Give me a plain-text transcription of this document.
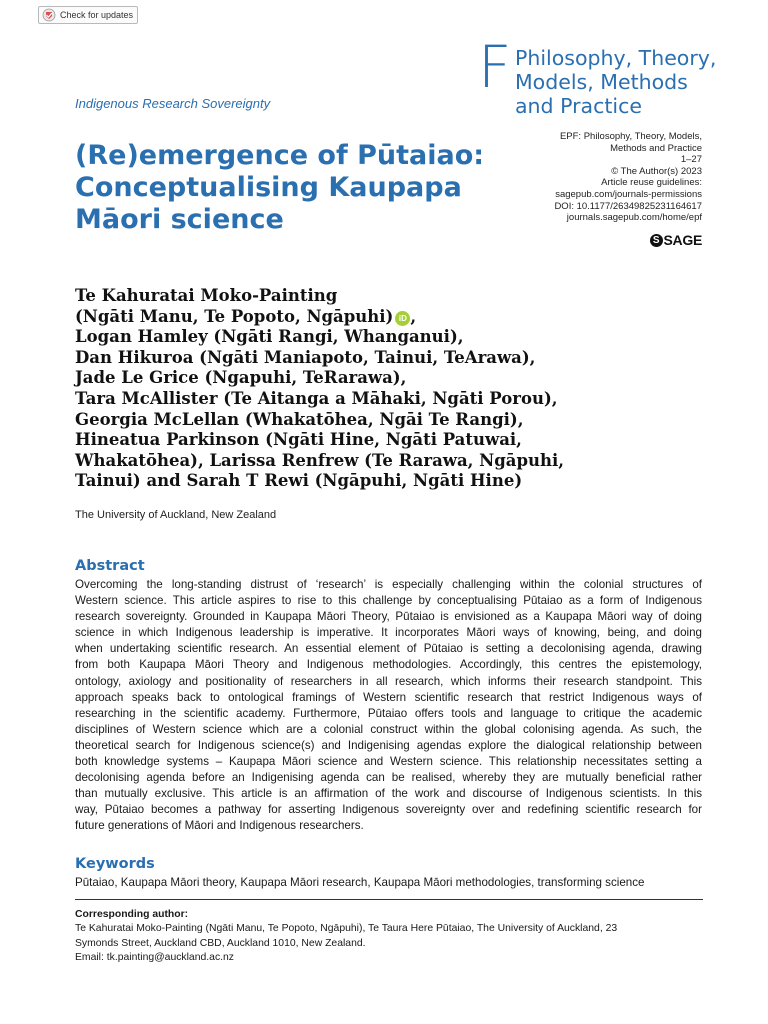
Check for updates
F Philosophy, Theory,
Models, Methods
and Practice
Indigenous Research Sovereignty
(Re)emergence of Pūtaiao:
Conceptualising Kaupapa
Māori science
EPF: Philosophy, Theory, Models,
Methods and Practice
1–27
© The Author(s) 2023
Article reuse guidelines:
sagepub.com/journals-permissions
DOI: 10.1177/26349825231164617
journals.sagepub.com/home/epf
S SAGE
Te Kahuratai Moko-Painting
(Ngāti Manu, Te Popoto, Ngāpuhi) iD ,
Logan Hamley (Ngāti Rangi, Whanganui),
Dan Hikuroa (Ngāti Maniapoto, Tainui, TeArawa),
Jade Le Grice (Ngapuhi, TeRarawa),
Tara McAllister (Te Aitanga a Māhaki, Ngāti Porou),
Georgia McLellan (Whakatōhea, Ngāi Te Rangi),
Hineatua Parkinson (Ngāti Hine, Ngāti Patuwai,
Whakatōhea), Larissa Renfrew (Te Rarawa, Ngāpuhi,
Tainui) and Sarah T Rewi (Ngāpuhi, Ngāti Hine)
The University of Auckland, New Zealand
Abstract
Overcoming the long-standing distrust of ‘research’ is especially challenging within the colonial structures of
Western science. This article aspires to rise to this challenge by conceptualising Pūtaiao as a form of Indigenous
research sovereignty. Grounded in Kaupapa Māori Theory, Pūtaiao is envisioned as a Kaupapa Māori way of doing
science in which Indigenous leadership is imperative. It incorporates Māori ways of knowing, being, and doing
when undertaking scientific research. An essential element of Pūtaiao is setting a decolonising agenda, drawing
from both Kaupapa Māori Theory and Indigenous methodologies. Accordingly, this centres the epistemology,
ontology, axiology and positionality of researchers in all research, which informs their research standpoint. This
approach speaks back to ontological framings of Western scientific research that restrict Indigenous ways of
researching in the scientific academy. Furthermore, Pūtaiao offers tools and language to critique the academic
disciplines of Western science which are a colonial construct within the global colonising agenda. As such, the
theoretical search for Indigenous science(s) and Indigenising agendas explore the dialogical relationship between
both knowledge systems – Kaupapa Māori science and Western science. This relationship necessitates setting a
decolonising agenda before an Indigenising agenda can be realised, whereby they are mutually beneficial rather
than mutually exclusive. This article is an affirmation of the work and discourse of Indigenous scientists. In this
way, Pūtaiao becomes a pathway for asserting Indigenous sovereignty over and redefining scientific research for
future generations of Māori and Indigenous researchers.
Keywords
Pūtaiao, Kaupapa Māori theory, Kaupapa Māori research, Kaupapa Māori methodologies, transforming science
Corresponding author:
Te Kahuratai Moko-Painting (Ngāti Manu, Te Popoto, Ngāpuhi), Te Taura Here Pūtaiao, The University of Auckland, 23
Symonds Street, Auckland CBD, Auckland 1010, New Zealand.
Email: tk.painting@auckland.ac.nz
